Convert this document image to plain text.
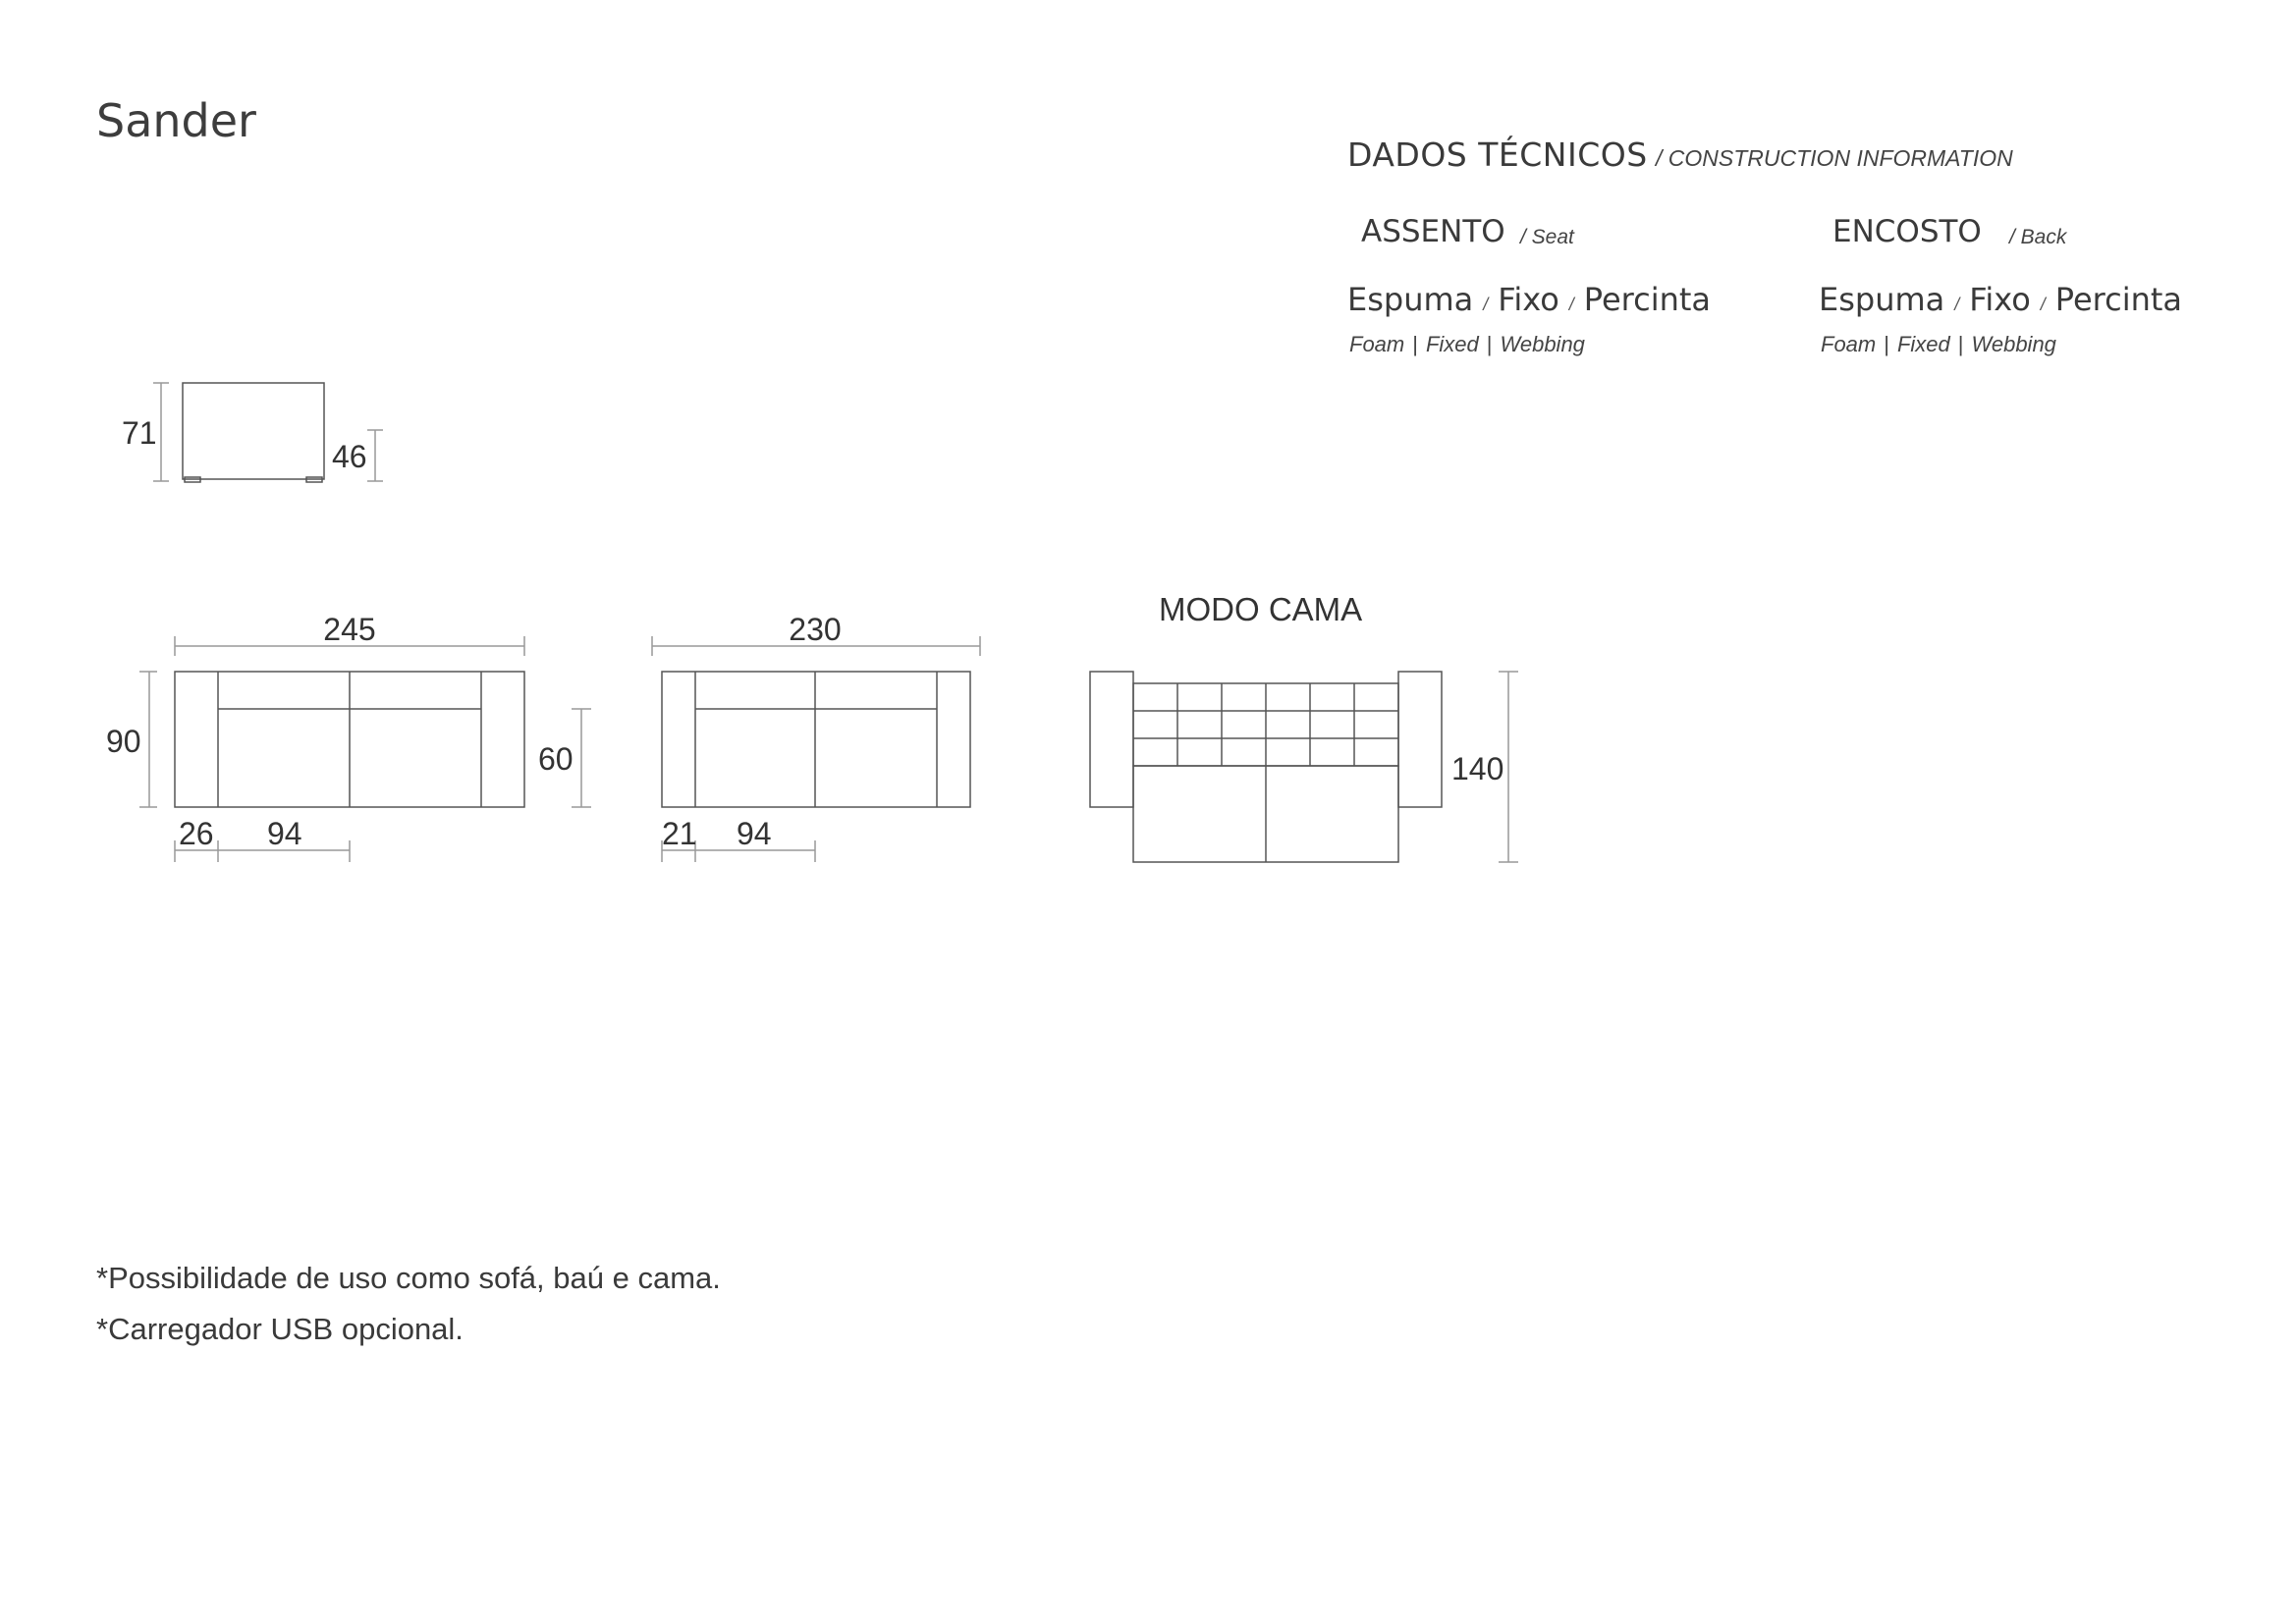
Sander
DADOS TÉCNICOS / CONSTRUCTION INFORMATION
ASSENTO / Seat
Espuma / Fixo / Percinta
Foam | Fixed | Webbing
ENCOSTO / Back
Espuma / Fixo / Percinta
Foam | Fixed | Webbing
71
46
245
90	60
26 94
230
21 94
MODO CAMA
140
*Possibilidade de uso como sofá, baú e cama.
*Carregador USB opcional.
